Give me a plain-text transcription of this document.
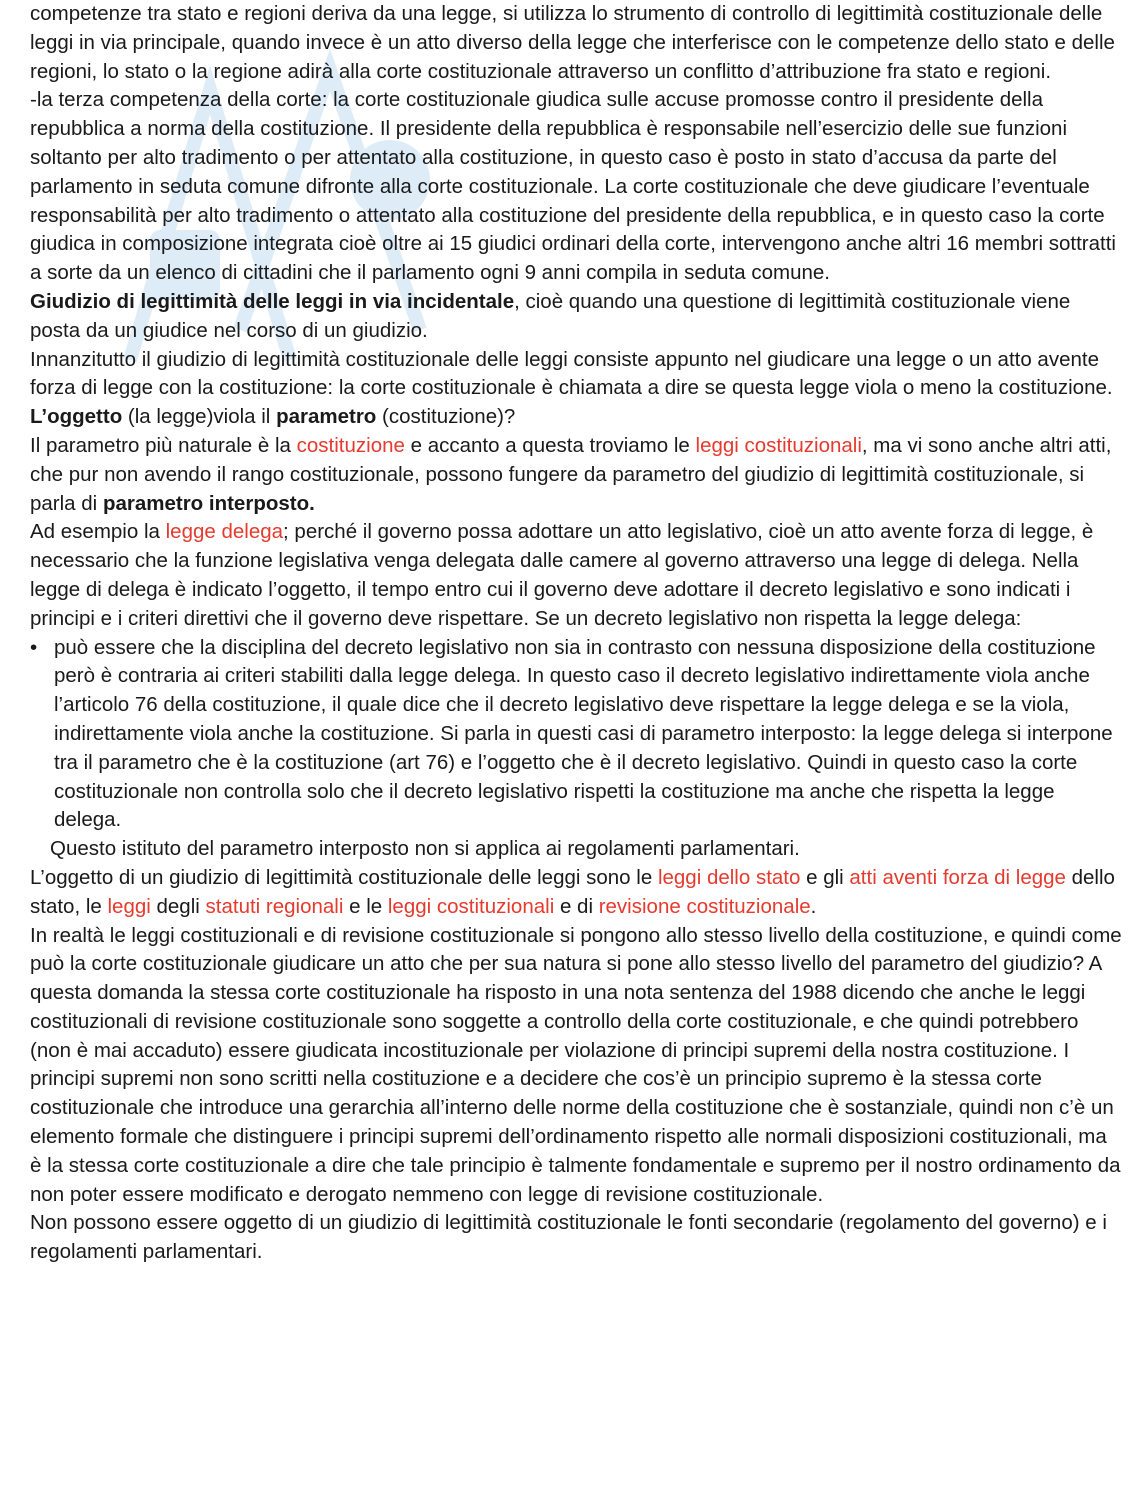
competenze tra stato e regioni deriva da una legge, si utilizza lo strumento di controllo di legittimità costituzionale delle leggi in via principale, quando invece è un atto diverso della legge che interferisce con le competenze dello stato e delle regioni, lo stato o la regione adirà alla corte costituzionale attraverso un conflitto d’attribuzione fra stato e regioni.

-la terza competenza della corte: la corte costituzionale giudica sulle accuse promosse contro il presidente della repubblica a norma della costituzione. Il presidente della repubblica è responsabile nell’esercizio delle sue funzioni soltanto per alto tradimento o per attentato alla costituzione, in questo caso è posto in stato d’accusa da parte del parlamento in seduta comune difronte alla corte costituzionale. La corte costituzionale che deve giudicare l’eventuale responsabilità per alto tradimento o attentato alla costituzione del presidente della repubblica, e in questo caso la corte giudica in composizione integrata cioè oltre ai 15 giudici ordinari della corte, intervengono anche altri 16 membri sottratti a sorte da un elenco di cittadini che il parlamento ogni 9 anni compila in seduta comune.

Giudizio di legittimità delle leggi in via incidentale, cioè quando una questione di legittimità costituzionale viene posta da un giudice nel corso di un giudizio.

Innanzitutto il giudizio di legittimità costituzionale delle leggi consiste appunto nel giudicare una legge o un atto avente forza di legge con la costituzione: la corte costituzionale è chiamata a dire se questa legge viola o meno la costituzione. L’oggetto (la legge)viola il parametro (costituzione)?

Il parametro più naturale è la costituzione e accanto a questa troviamo le leggi costituzionali, ma vi sono anche altri atti, che pur non avendo il rango costituzionale, possono fungere da parametro del giudizio di legittimità costituzionale, si parla di parametro interposto.

Ad esempio la legge delega; perché il governo possa adottare un atto legislativo, cioè un atto avente forza di legge, è necessario che la funzione legislativa venga delegata dalle camere al governo attraverso una legge di delega. Nella legge di delega è indicato l’oggetto, il tempo entro cui il governo deve adottare il decreto legislativo e sono indicati i principi e i criteri direttivi che il governo deve rispettare. Se un decreto legislativo non rispetta la legge delega:

• può essere che la disciplina del decreto legislativo non sia in contrasto con nessuna disposizione della costituzione però è contraria ai criteri stabiliti dalla legge delega. In questo caso il decreto legislativo indirettamente viola anche l’articolo 76 della costituzione, il quale dice che il decreto legislativo deve rispettare la legge delega e se la viola, indirettamente viola anche la costituzione. Si parla in questi casi di parametro interposto: la legge delega si interpone tra il parametro che è la costituzione (art 76) e l’oggetto che è il decreto legislativo. Quindi in questo caso la corte costituzionale non controlla solo che il decreto legislativo rispetti la costituzione ma anche che rispetta la legge delega.

Questo istituto del parametro interposto non si applica ai regolamenti parlamentari.

L’oggetto di un giudizio di legittimità costituzionale delle leggi sono le leggi dello stato e gli atti aventi forza di legge dello stato, le leggi degli statuti regionali e le leggi costituzionali e di revisione costituzionale.

In realtà le leggi costituzionali e di revisione costituzionale si pongono allo stesso livello della costituzione, e quindi come può la corte costituzionale giudicare un atto che per sua natura si pone allo stesso livello del parametro del giudizio? A questa domanda la stessa corte costituzionale ha risposto in una nota sentenza del 1988 dicendo che anche le leggi costituzionali di revisione costituzionale sono soggette a controllo della corte costituzionale, e che quindi potrebbero (non è mai accaduto) essere giudicata incostituzionale per violazione di principi supremi della nostra costituzione. I principi supremi non sono scritti nella costituzione e a decidere che cos’è un principio supremo è la stessa corte costituzionale che introduce una gerarchia all’interno delle norme della costituzione che è sostanziale, quindi non c’è un elemento formale che distinguere i principi supremi dell’ordinamento rispetto alle normali disposizioni costituzionali, ma è la stessa corte costituzionale a dire che tale principio è talmente fondamentale e supremo per il nostro ordinamento da non poter essere modificato e derogato nemmeno con legge di revisione costituzionale.

Non possono essere oggetto di un giudizio di legittimità costituzionale le fonti secondarie (regolamento del governo) e i regolamenti parlamentari.
